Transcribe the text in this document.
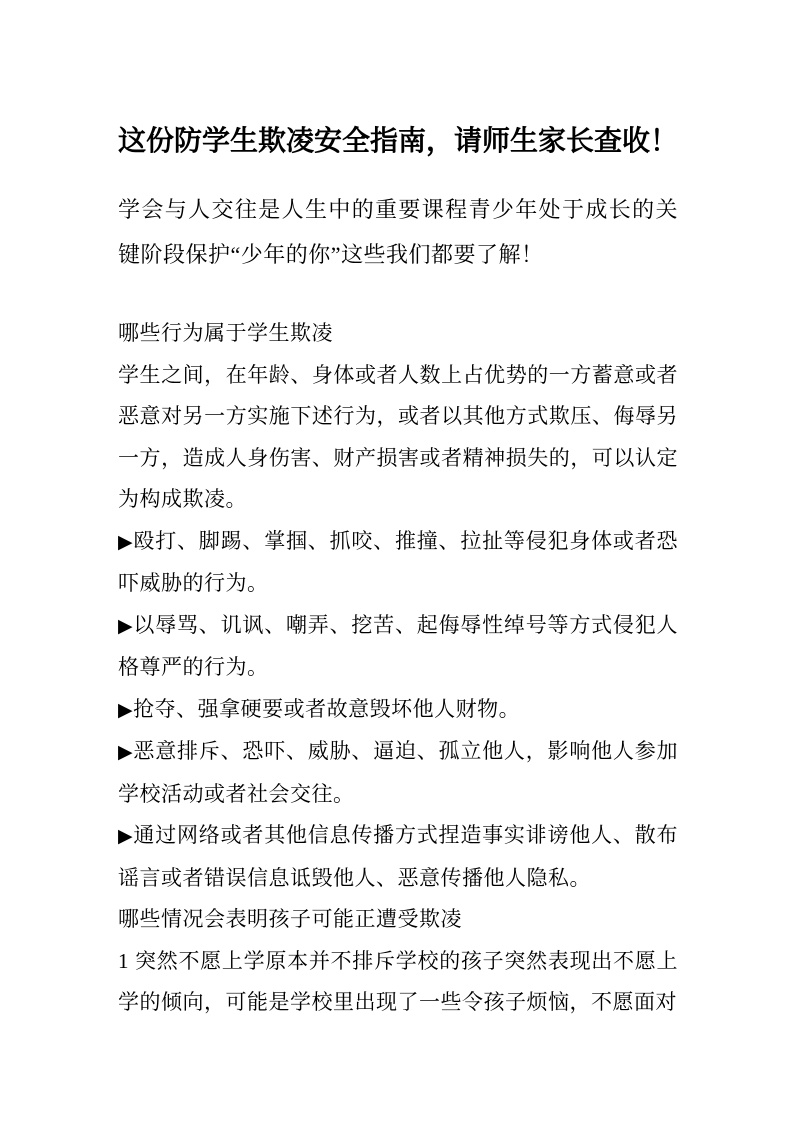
这份防学生欺凌安全指南，请师生家长查收！

学会与人交往是人生中的重要课程青少年处于成长的关键阶段保护“少年的你”这些我们都要了解！

哪些行为属于学生欺凌

学生之间，在年龄、身体或者人数上占优势的一方蓄意或者恶意对另一方实施下述行为，或者以其他方式欺压、侮辱另一方，造成人身伤害、财产损害或者精神损失的，可以认定为构成欺凌。

▶殴打、脚踢、掌掴、抓咬、推撞、拉扯等侵犯身体或者恐吓威胁的行为。

▶以辱骂、讥讽、嘲弄、挖苦、起侮辱性绰号等方式侵犯人格尊严的行为。

▶抢夺、强拿硬要或者故意毁坏他人财物。

▶恶意排斥、恐吓、威胁、逼迫、孤立他人，影响他人参加学校活动或者社会交往。

▶通过网络或者其他信息传播方式捏造事实诽谤他人、散布谣言或者错误信息诋毁他人、恶意传播他人隐私。

哪些情况会表明孩子可能正遭受欺凌

1 突然不愿上学原本并不排斥学校的孩子突然表现出不愿上学的倾向，可能是学校里出现了一些令孩子烦恼，不愿面对
